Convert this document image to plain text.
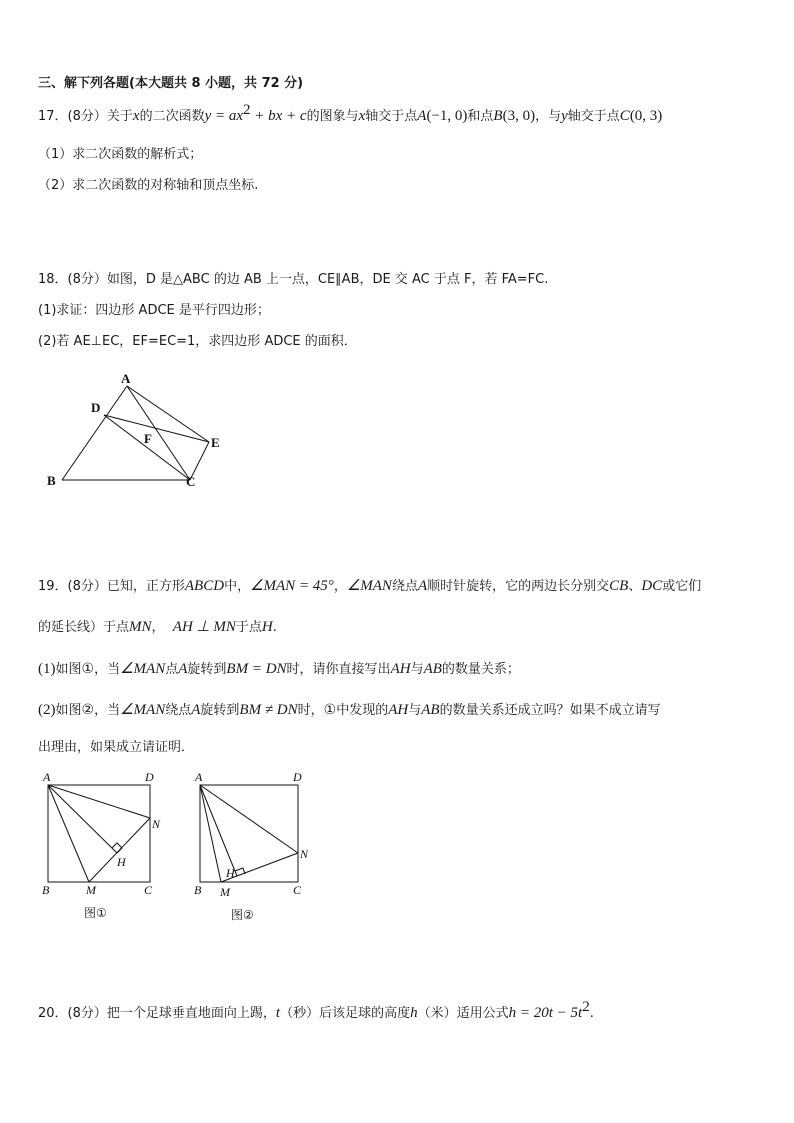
三、解下列各题(本大题共 8 小题，共 72 分)
17．(8分）关于x的二次函数$y = ax^2$ + bx + c的图象与x轴交于点A(−1, 0)和点B(3, 0)，与y轴交于点C(0, 3)
（1）求二次函数的解析式；
（2）求二次函数的对称轴和顶点坐标.
18．(8分）如图，D 是△ABC 的边 AB 上一点，CE∥AB，DE 交 AC 于点 F，若 FA=FC.
(1)求证：四边形 ADCE 是平行四边形；
(2)若 AE⊥EC，EF=EC=1，求四边形 ADCE 的面积．
A
D
F	E
B	C
19．(8分）已知，正方形ABCD中，∠MAN = 45°，∠MAN绕点A顺时针旋转，它的两边长分别交CB、DC或它们
的延长线）于点MN， AH ⊥ MN于点H.
(1)如图①，当∠MAN点A旋转到BM = DN时，请你直接写出AH与AB的数量关系；
(2)如图②，当∠MAN绕点A旋转到BM ≠ DN时，①中发现的AH与AB的数量关系还成立吗？如果不成立请写
出理由，如果成立请证明．
A	D
N
H
B	M	C
A	D
N
H
B M	C
图①	图②
20．(8分）把一个足球垂直地面向上踢，t（秒）后该足球的高度h（米）适用公式$h = 20t - 5t^2$.
